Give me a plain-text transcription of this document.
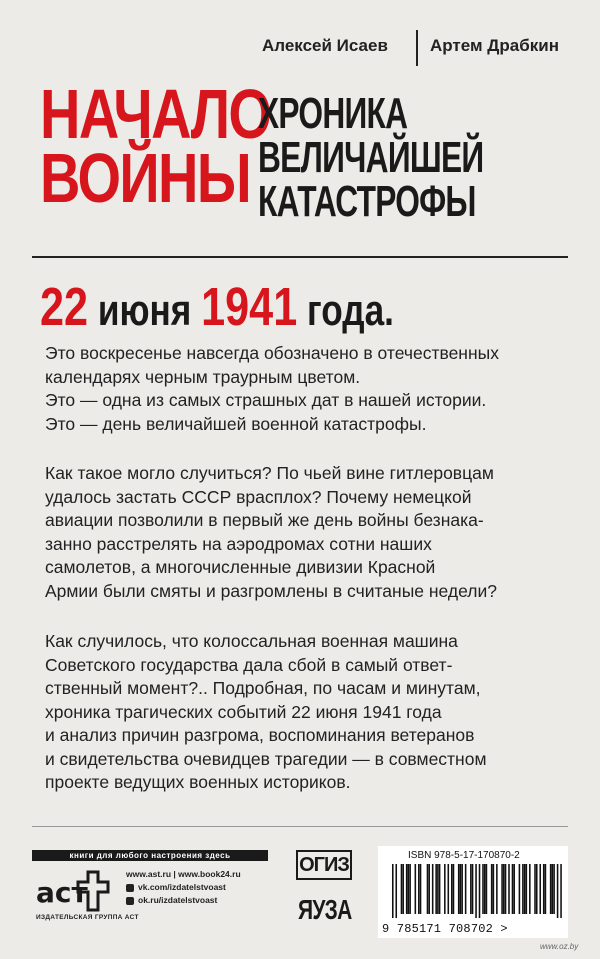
Алексей Исаев Артем Драбкин
НАЧАЛО
ВОЙНЫ
ХРОНИКА
ВЕЛИЧАЙШЕЙ
КАТАСТРОФЫ
22 июня 1941 года.
Это воскресенье навсегда обозначено в отечественных
календарях черным траурным цветом.
Это — одна из самых страшных дат в нашей истории.
Это — день величайшей военной катастрофы.
Как такое могло случиться? По чьей вине гитлеровцам
удалось застать СССР врасплох? Почему немецкой
авиации позволили в первый же день войны безнака-
занно расстрелять на аэродромах сотни наших
самолетов, а многочисленные дивизии Красной
Армии были смяты и разгромлены в считаные недели?
Как случилось, что колоссальная военная машина
Советского государства дала сбой в самый ответ-
ственный момент?.. Подробная, по часам и минутам,
хроника трагических событий 22 июня 1941 года
и анализ причин разгрома, воспоминания ветеранов
и свидетельства очевидцев трагедии — в совместном
проекте ведущих военных историков.
книги для любого настроения здесь
аст
ИЗДАТЕЛЬСКАЯ ГРУППА АСТ
www.ast.ru | www.book24.ru
vk.com/izdatelstvoast
ok.ru/izdatelstvoast
ОГИЗ
ЯУЗА
ISBN 978-5-17-170870-2
9 785171 708702 >
www.oz.by
